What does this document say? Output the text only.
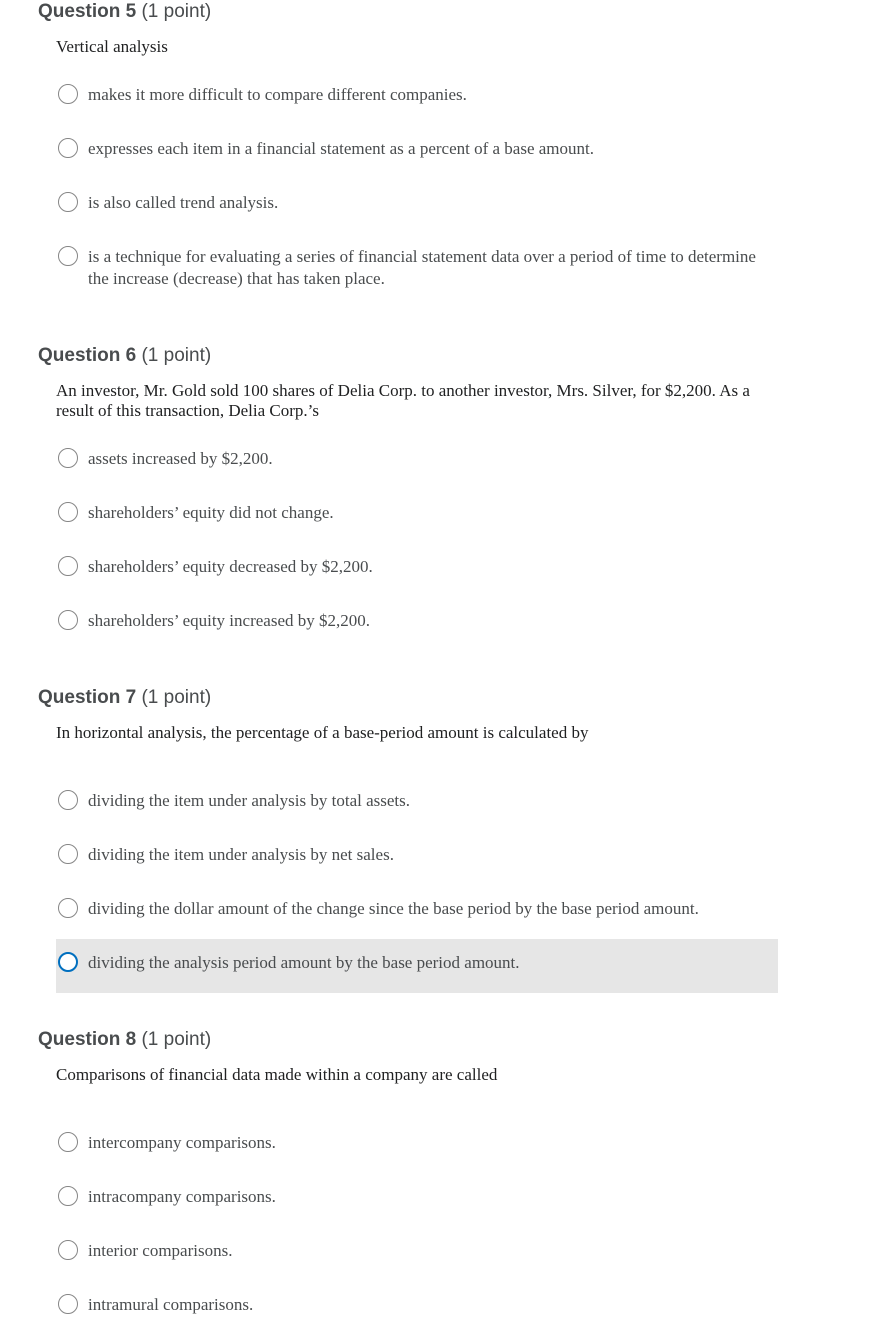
Question 5 (1 point)
Vertical analysis
makes it more difficult to compare different companies.
expresses each item in a financial statement as a percent of a base amount.
is also called trend analysis.
is a technique for evaluating a series of financial statement data over a period of time to determine the increase (decrease) that has taken place.
Question 6 (1 point)
An investor, Mr. Gold sold 100 shares of Delia Corp. to another investor, Mrs. Silver, for $2,200. As a result of this transaction, Delia Corp.’s
assets increased by $2,200.
shareholders’ equity did not change.
shareholders’ equity decreased by $2,200.
shareholders’ equity increased by $2,200.
Question 7 (1 point)
In horizontal analysis, the percentage of a base-period amount is calculated by
dividing the item under analysis by total assets.
dividing the item under analysis by net sales.
dividing the dollar amount of the change since the base period by the base period amount.
dividing the analysis period amount by the base period amount.
Question 8 (1 point)
Comparisons of financial data made within a company are called
intercompany comparisons.
intracompany comparisons.
interior comparisons.
intramural comparisons.
